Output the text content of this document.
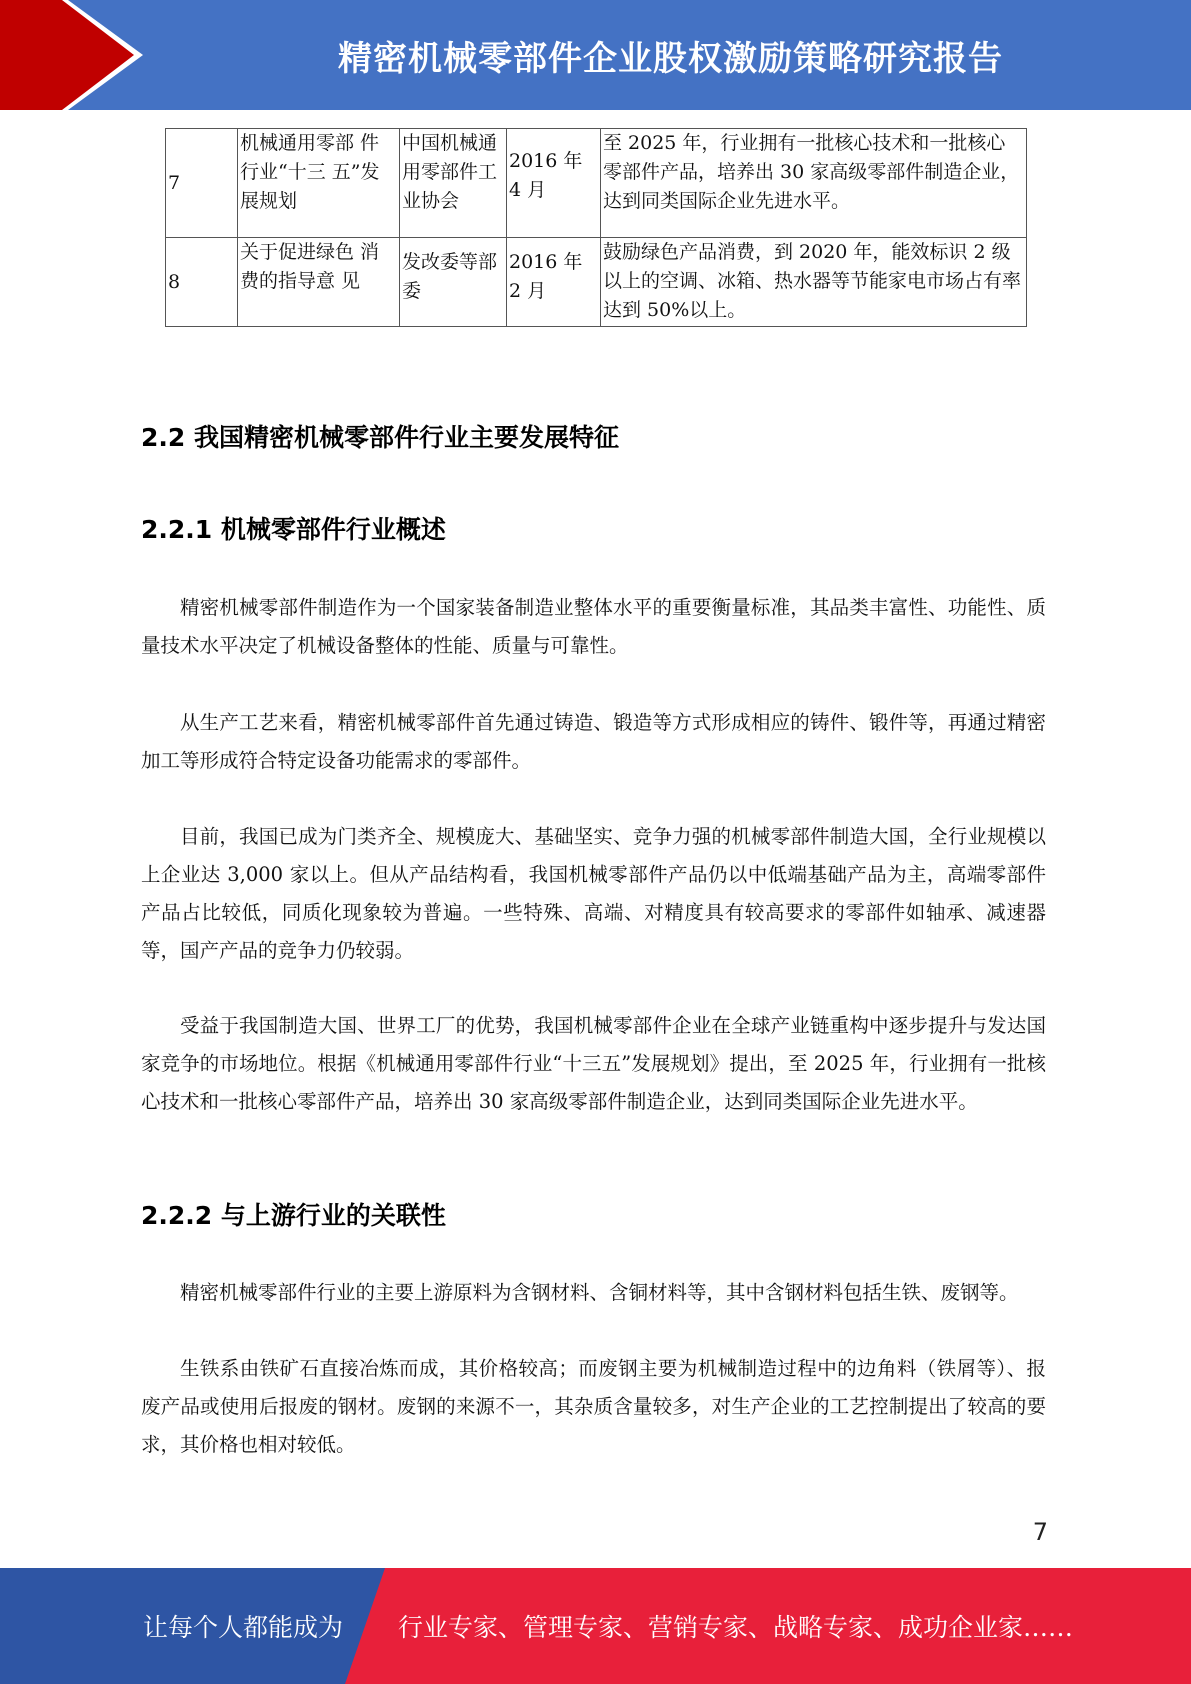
精密机械零部件企业股权激励策略研究报告
7	机械通用零部 件行业“十三 五”发展规划	中国机械通用零部件工业协会	2016 年 4 月	至 2025 年，行业拥有一批核心技术和一批核心零部件产品，培养出 30 家高级零部件制造企业，达到同类国际企业先进水平。

8	关于促进绿色 消费的指导意 见	发改委等部委	2016 年 2 月	鼓励绿色产品消费，到 2020 年，能效标识 2 级以上的空调、冰箱、热水器等节能家电市场占有率达到 50%以上。
2.2 我国精密机械零部件行业主要发展特征
2.2.1 机械零部件行业概述
2.2.2 与上游行业的关联性

精密机械零部件制造作为一个国家装备制造业整体水平的重要衡量标准，其品类丰富性、功能性、质量技术水平决定了机械设备整体的性能、质量与可靠性。

从生产工艺来看，精密机械零部件首先通过铸造、锻造等方式形成相应的铸件、锻件等，再通过精密加工等形成符合特定设备功能需求的零部件。

目前，我国已成为门类齐全、规模庞大、基础坚实、竞争力强的机械零部件制造大国，全行业规模以上企业达 3,000 家以上。但从产品结构看，我国机械零部件产品仍以中低端基础产品为主，高端零部件产品占比较低，同质化现象较为普遍。一些特殊、高端、对精度具有较高要求的零部件如轴承、减速器等，国产产品的竞争力仍较弱。

受益于我国制造大国、世界工厂的优势，我国机械零部件企业在全球产业链重构中逐步提升与发达国家竞争的市场地位。根据《机械通用零部件行业“十三五”发展规划》提出，至 2025 年，行业拥有一批核心技术和一批核心零部件产品，培养出 30 家高级零部件制造企业，达到同类国际企业先进水平。

精密机械零部件行业的主要上游原料为含钢材料、含铜材料等，其中含钢材料包括生铁、废钢等。

生铁系由铁矿石直接冶炼而成，其价格较高；而废钢主要为机械制造过程中的边角料（铁屑等）、报废产品或使用后报废的钢材。废钢的来源不一，其杂质含量较多，对生产企业的工艺控制提出了较高的要求，其价格也相对较低。

7
让每个人都能成为 行业专家、管理专家、营销专家、战略专家、成功企业家……
